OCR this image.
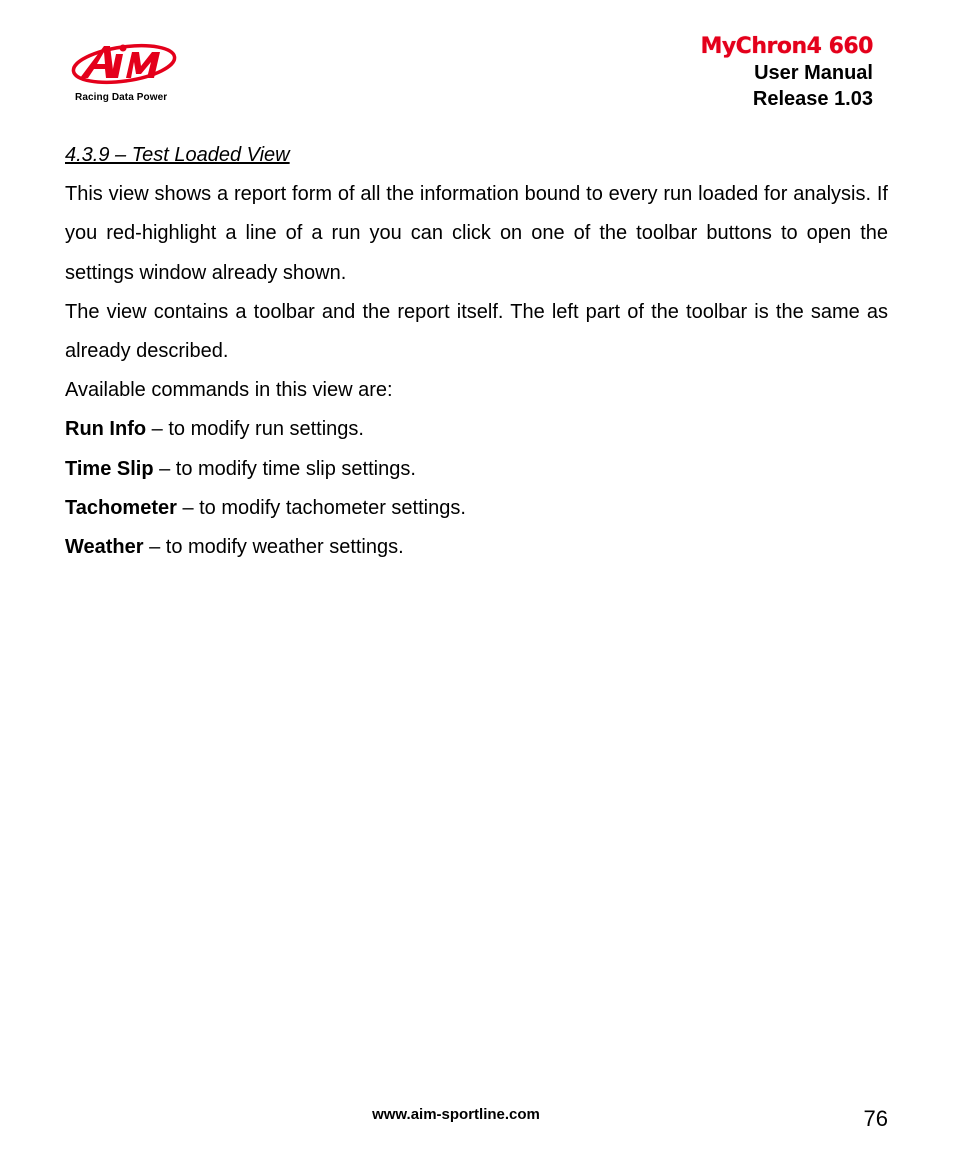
Racing Data Power
MyChron4 660
User Manual
Release 1.03

4.3.9 – Test Loaded View

This view shows a report form of all the information bound to every run loaded for analysis. If you red-highlight a line of a run you can click on one of the toolbar buttons to open the settings window already shown.

The view contains a toolbar and the report itself. The left part of the toolbar is the same as already described.

Available commands in this view are:

Run Info – to modify run settings.

Time Slip – to modify time slip settings.

Tachometer – to modify tachometer settings.

Weather – to modify weather settings.

www.aim-sportline.com	76
